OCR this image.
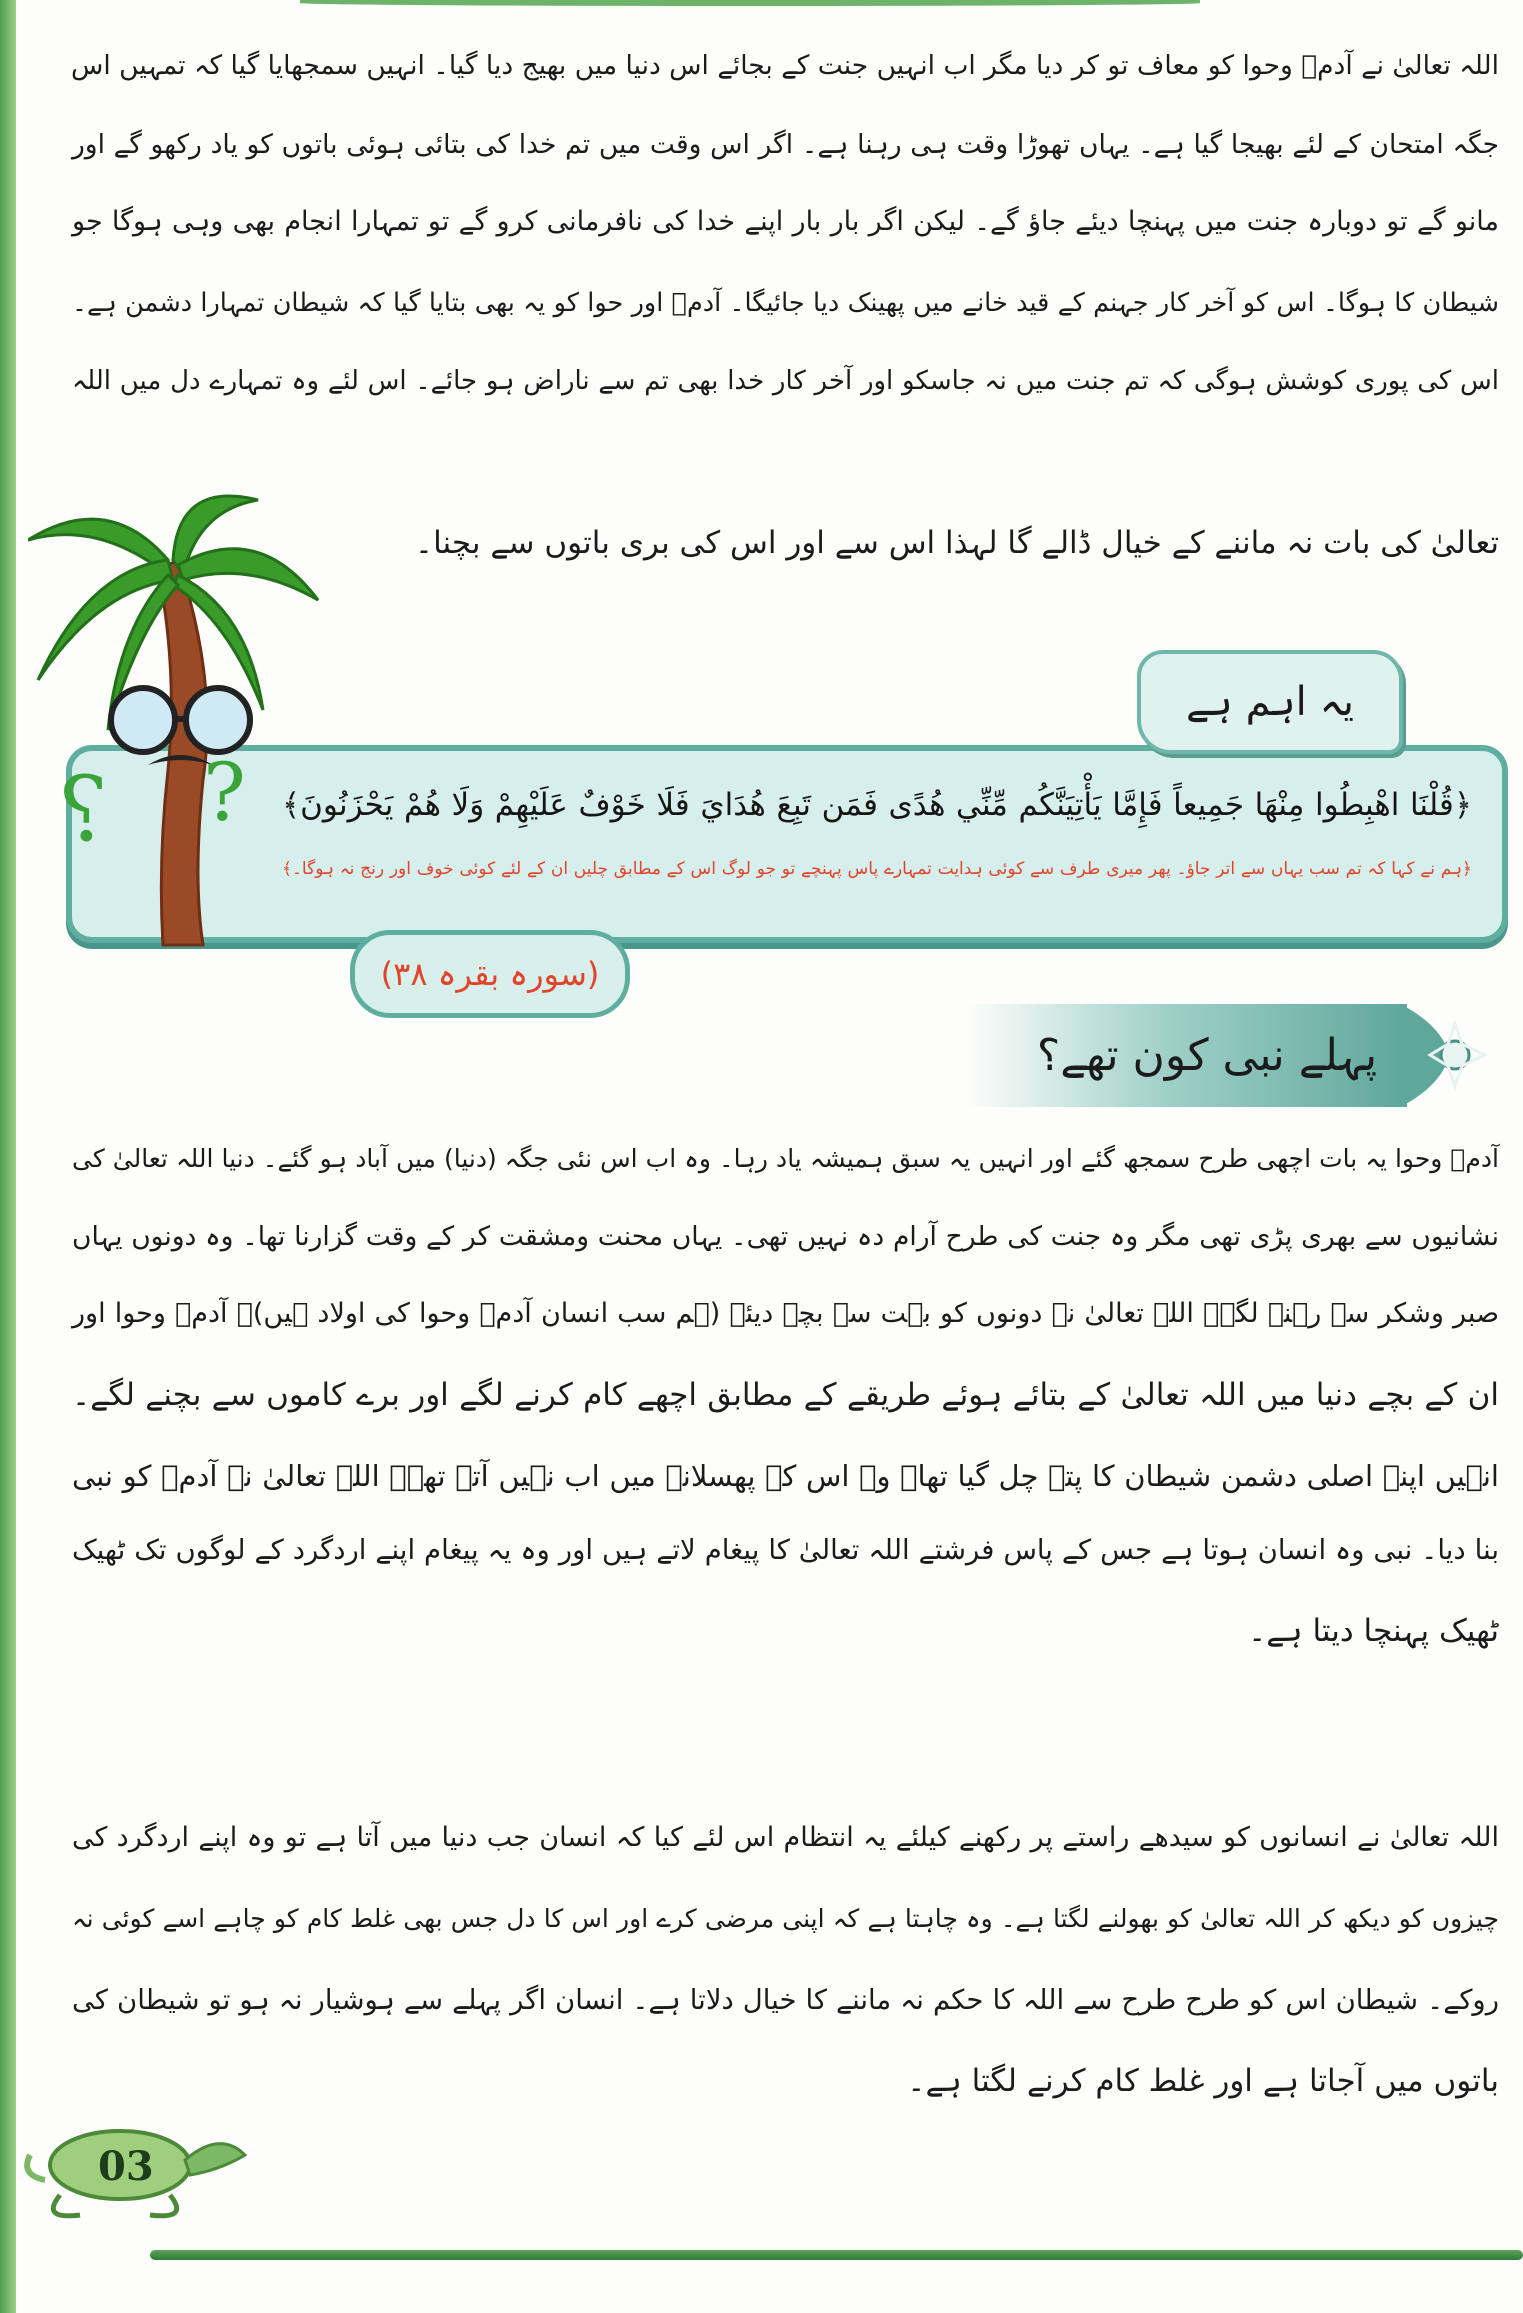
اللہ تعالیٰ نے آدمؑ وحوا کو معاف تو کر دیا مگر اب انہیں جنت کے بجائے اس دنیا میں بھیج دیا گیا۔ انہیں سمجھایا گیا کہ تمہیں اس
جگہ امتحان کے لئے بھیجا گیا ہے۔ یہاں تھوڑا وقت ہی رہنا ہے۔ اگر اس وقت میں تم خدا کی بتائی ہوئی باتوں کو یاد رکھو گے اور
مانو گے تو دوبارہ جنت میں پہنچا دیئے جاؤ گے۔ لیکن اگر بار بار اپنے خدا کی نافرمانی کرو گے تو تمہارا انجام بھی وہی ہوگا جو
شیطان کا ہوگا۔ اس کو آخر کار جہنم کے قید خانے میں پھینک دیا جائیگا۔ آدمؑ اور حوا کو یہ بھی بتایا گیا کہ شیطان تمہارا دشمن ہے۔
اس کی پوری کوشش ہوگی کہ تم جنت میں نہ جاسکو اور آخر کار خدا بھی تم سے ناراض ہو جائے۔ اس لئے وہ تمہارے دل میں اللہ
تعالیٰ کی بات نہ ماننے کے خیال ڈالے گا لہذا اس سے اور اس کی بری باتوں سے بچنا۔
? ?
یہ اہم ہے
﴿قُلْنَا اهْبِطُوا مِنْهَا جَمِيعاً فَإِمَّا يَأْتِيَنَّكُم مِّنِّي هُدًى فَمَن تَبِعَ هُدَايَ فَلَا خَوْفٌ عَلَيْهِمْ وَلَا هُمْ يَحْزَنُونَ﴾
﴿ہم نے کہا کہ تم سب یہاں سے اتر جاؤ۔ پھر میری طرف سے کوئی ہدایت تمہارے پاس پہنچے تو جو لوگ اس کے مطابق چلیں ان کے لئے کوئی خوف اور رنج نہ ہوگا۔﴾
(سورہ بقرہ ۳۸)
پہلے نبی کون تھے؟
آدمؑ وحوا یہ بات اچھی طرح سمجھ گئے اور انہیں یہ سبق ہمیشہ یاد رہا۔ وہ اب اس نئی جگہ (دنیا) میں آباد ہو گئے۔ دنیا اللہ تعالیٰ کی
نشانیوں سے بھری پڑی تھی مگر وہ جنت کی طرح آرام دہ نہیں تھی۔ یہاں محنت ومشقت کر کے وقت گزارنا تھا۔ وہ دونوں یہاں
صبر وشکر سے رہنے لگے۔ اللہ تعالیٰ نے دونوں کو بہت سے بچے دیئے (ہم سب انسان آدمؑ وحوا کی اولاد ہیں)۔ آدمؑ وحوا اور
ان کے بچے دنیا میں اللہ تعالیٰ کے بتائے ہوئے طریقے کے مطابق اچھے کام کرنے لگے اور برے کاموں سے بچنے لگے۔
انہیں اپنے اصلی دشمن شیطان کا پتہ چل گیا تھا۔ وہ اس کے پھسلانے میں اب نہیں آتے تھے۔ اللہ تعالیٰ نے آدمؑ کو نبی
بنا دیا۔ نبی وہ انسان ہوتا ہے جس کے پاس فرشتے اللہ تعالیٰ کا پیغام لاتے ہیں اور وہ یہ پیغام اپنے اردگرد کے لوگوں تک ٹھیک
ٹھیک پہنچا دیتا ہے۔
اللہ تعالیٰ نے انسانوں کو سیدھے راستے پر رکھنے کیلئے یہ انتظام اس لئے کیا کہ انسان جب دنیا میں آتا ہے تو وہ اپنے اردگرد کی
چیزوں کو دیکھ کر اللہ تعالیٰ کو بھولنے لگتا ہے۔ وہ چاہتا ہے کہ اپنی مرضی کرے اور اس کا دل جس بھی غلط کام کو چاہے اسے کوئی نہ
روکے۔ شیطان اس کو طرح طرح سے اللہ کا حکم نہ ماننے کا خیال دلاتا ہے۔ انسان اگر پہلے سے ہوشیار نہ ہو تو شیطان کی
باتوں میں آجاتا ہے اور غلط کام کرنے لگتا ہے۔
03
